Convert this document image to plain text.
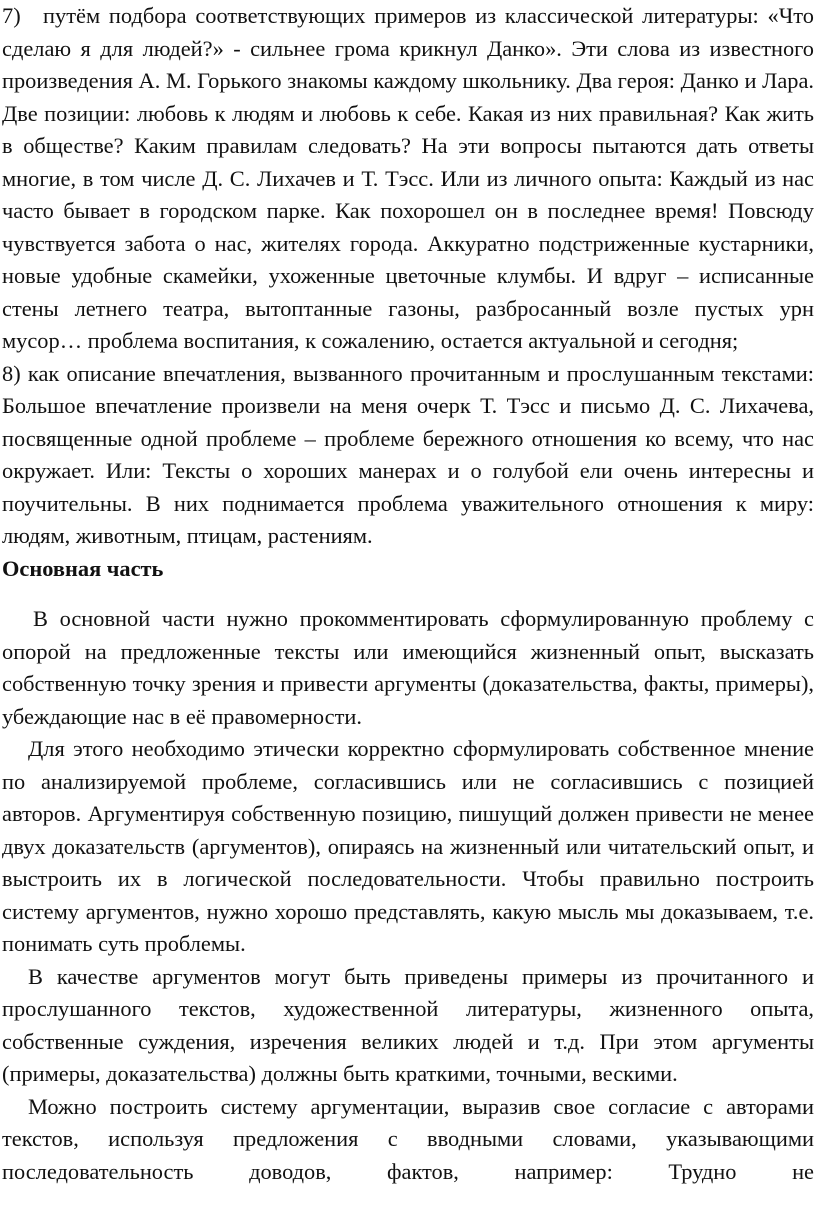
7) путём подбора соответствующих примеров из классической литературы: «Что сделаю я для людей?» - сильнее грома крикнул Данко». Эти слова из известного произведения А. М. Горького знакомы каждому школьнику. Два героя: Данко и Лара. Две позиции: любовь к людям и любовь к себе. Какая из них правильная? Как жить в обществе? Каким правилам следовать? На эти вопросы пытаются дать ответы многие, в том числе Д. С. Лихачев и Т. Тэсс. Или из личного опыта: Каждый из нас часто бывает в городском парке. Как похорошел он в последнее время! Повсюду чувствуется забота о нас, жителях города. Аккуратно подстриженные кустарники, новые удобные скамейки, ухоженные цветочные клумбы. И вдруг – исписанные стены летнего театра, вытоптанные газоны, разбросанный возле пустых урн мусор… проблема воспитания, к сожалению, остается актуальной и сегодня;

8) как описание впечатления, вызванного прочитанным и прослушанным текстами: Большое впечатление произвели на меня очерк Т. Тэсс и письмо Д. С. Лихачева, посвященные одной проблеме – проблеме бережного отношения ко всему, что нас окружает. Или: Тексты о хороших манерах и о голубой ели очень интересны и поучительны. В них поднимается проблема уважительного отношения к миру: людям, животным, птицам, растениям.

Основная часть

В основной части нужно прокомментировать сформулированную проблему с опорой на предложенные тексты или имеющийся жизненный опыт, высказать собственную точку зрения и привести аргументы (доказательства, факты, примеры), убеждающие нас в её правомерности.

Для этого необходимо этически корректно сформулировать собственное мнение по анализируемой проблеме, согласившись или не согласившись с позицией авторов. Аргументируя собственную позицию, пишущий должен привести не менее двух доказательств (аргументов), опираясь на жизненный или читательский опыт, и выстроить их в логической последовательности. Чтобы правильно построить систему аргументов, нужно хорошо представлять, какую мысль мы доказываем, т.е. понимать суть проблемы.

В качестве аргументов могут быть приведены примеры из прочитанного и прослушанного текстов, художественной литературы, жизненного опыта, собственные суждения, изречения великих людей и т.д. При этом аргументы (примеры, доказательства) должны быть краткими, точными, вескими.

Можно построить систему аргументации, выразив свое согласие с авторами текстов, используя предложения с вводными словами, указывающими последовательность доводов, фактов, например: Трудно не
